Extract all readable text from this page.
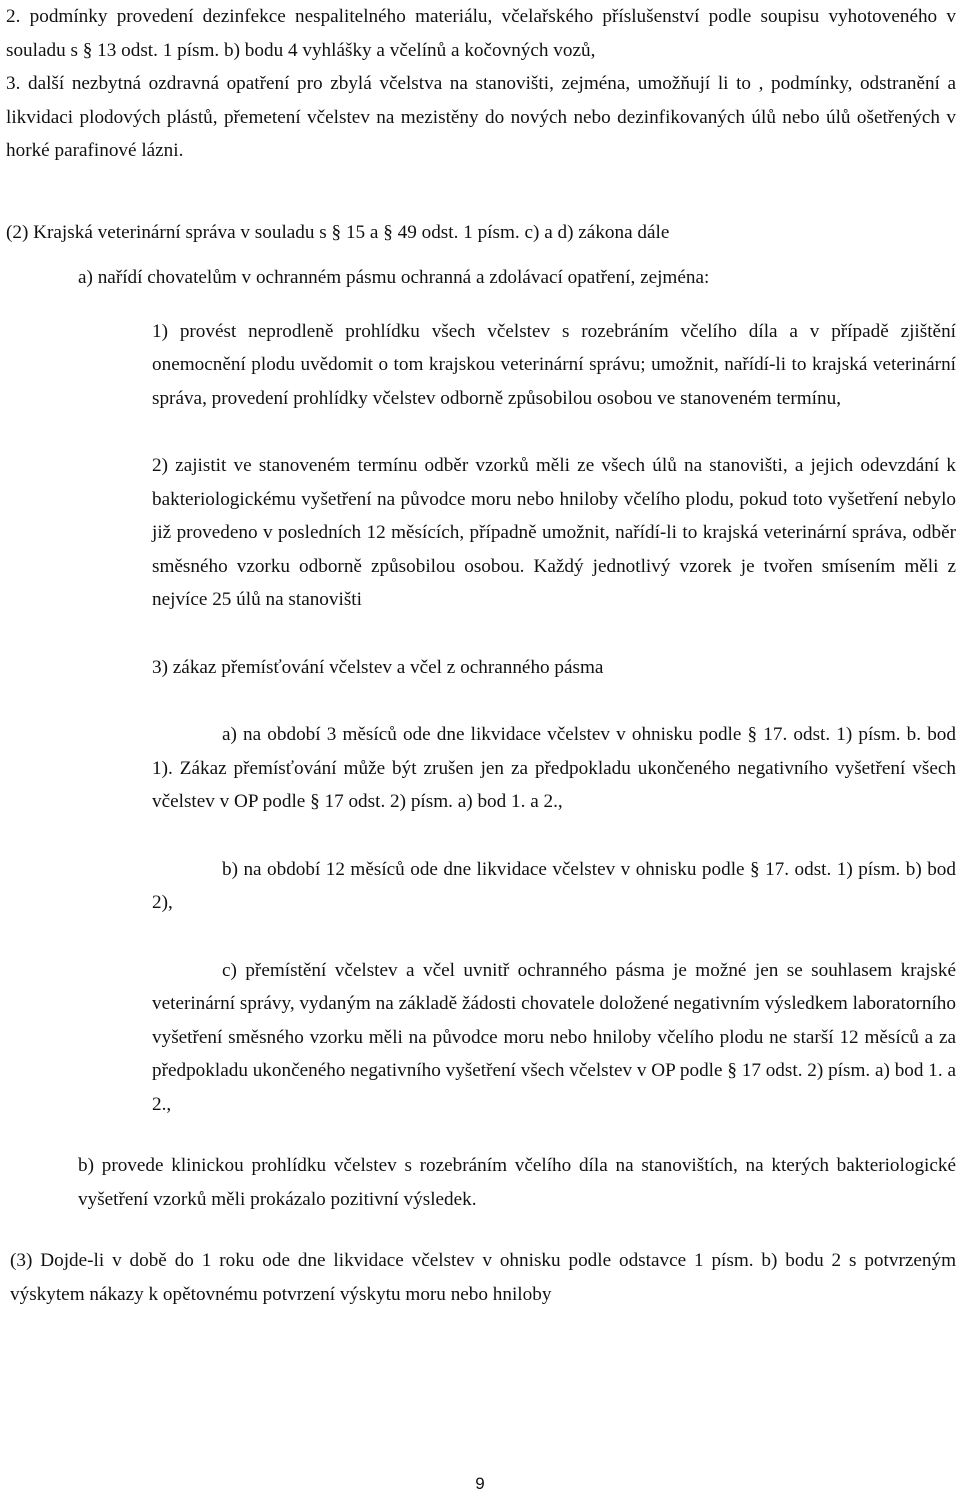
2. podmínky provedení dezinfekce nespalitelného materiálu, včelařského příslušenství podle soupisu vyhotoveného v souladu s § 13 odst. 1 písm. b) bodu 4 vyhlášky a včelínů a kočovných vozů,

3. další nezbytná ozdravná opatření pro zbylá včelstva na stanovišti, zejména, umožňují li to , podmínky, odstranění a likvidaci plodových plástů, přemetení včelstev na mezistěny do nových nebo dezinfikovaných úlů nebo úlů ošetřených v horké parafinové lázni.

(2) Krajská veterinární správa v souladu s § 15 a § 49 odst. 1 písm. c) a d) zákona dále

a) nařídí chovatelům v ochranném pásmu ochranná a zdolávací opatření, zejména:

1) provést neprodleně prohlídku všech včelstev s rozebráním včelího díla a v případě zjištění onemocnění plodu uvědomit o tom krajskou veterinární správu; umožnit, nařídí-li to krajská veterinární správa, provedení prohlídky včelstev odborně způsobilou osobou ve stanoveném termínu,

2) zajistit ve stanoveném termínu odběr vzorků měli ze všech úlů na stanovišti, a jejich odevzdání k bakteriologickému vyšetření na původce moru nebo hniloby včelího plodu, pokud toto vyšetření nebylo již provedeno v posledních 12 měsících, případně umožnit, nařídí-li to krajská veterinární správa, odběr směsného vzorku odborně způsobilou osobou. Každý jednotlivý vzorek je tvořen smísením měli z nejvíce 25 úlů na stanovišti

3) zákaz přemísťování včelstev a včel z ochranného pásma

a) na období 3 měsíců ode dne likvidace včelstev v ohnisku podle § 17. odst. 1) písm. b. bod 1). Zákaz přemísťování může být zrušen jen za předpokladu ukončeného negativního vyšetření všech včelstev v OP podle § 17 odst. 2) písm. a) bod 1. a 2.,

b) na období 12 měsíců ode dne likvidace včelstev v ohnisku podle § 17. odst. 1) písm. b) bod 2),

c) přemístění včelstev a včel uvnitř ochranného pásma je možné jen se souhlasem krajské veterinární správy, vydaným na základě žádosti chovatele doložené negativním výsledkem laboratorního vyšetření směsného vzorku měli na původce moru nebo hniloby včelího plodu ne starší 12 měsíců a za předpokladu ukončeného negativního vyšetření všech včelstev v OP podle § 17 odst. 2) písm. a) bod 1. a 2.,

b) provede klinickou prohlídku včelstev s rozebráním včelího díla na stanovištích, na kterých bakteriologické vyšetření vzorků měli prokázalo pozitivní výsledek.

(3) Dojde-li v době do 1 roku ode dne likvidace včelstev v ohnisku podle odstavce 1 písm. b) bodu 2 s potvrzeným výskytem nákazy k opětovnému potvrzení výskytu moru nebo hniloby

9
